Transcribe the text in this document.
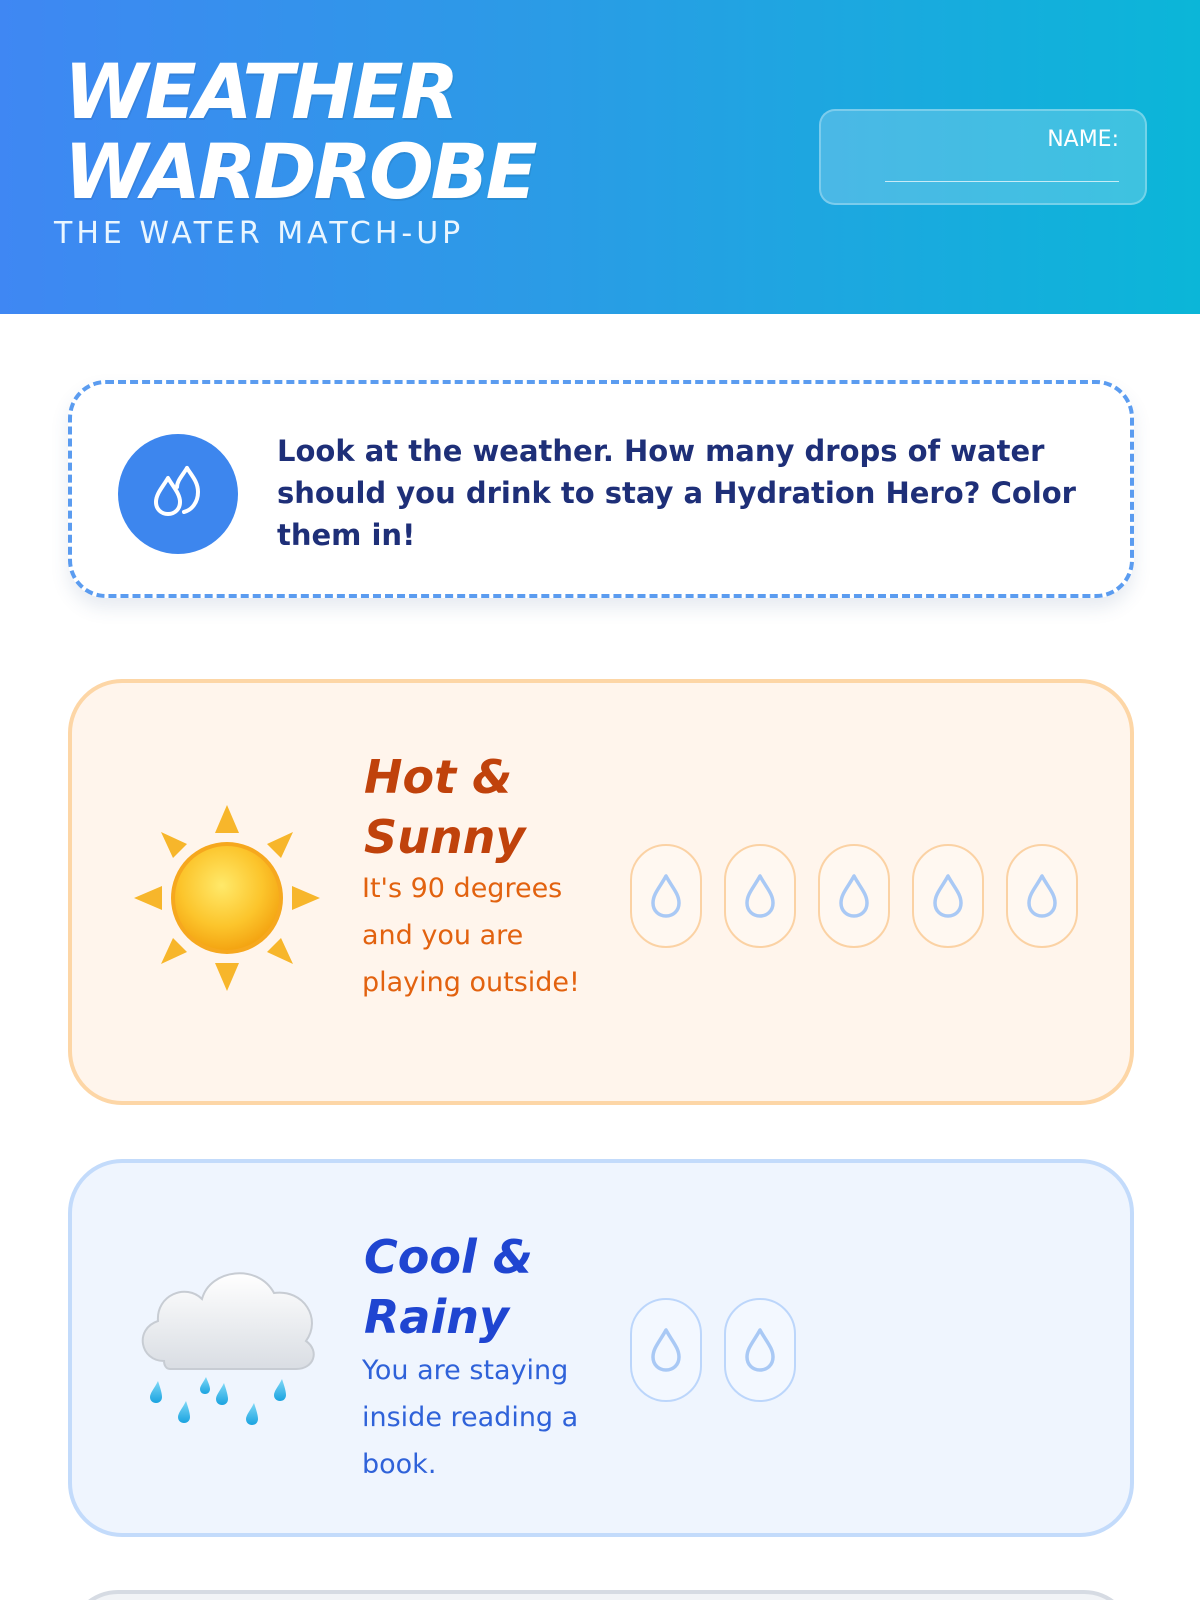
WEATHER
WARDROBE
THE WATER MATCH-UP
NAME:
Look at the weather. How many drops of water should you drink to stay a Hydration Hero? Color them in!
Hot & Sunny
It's 90 degrees and you are playing outside!
Cool & Rainy
You are staying inside reading a book.
